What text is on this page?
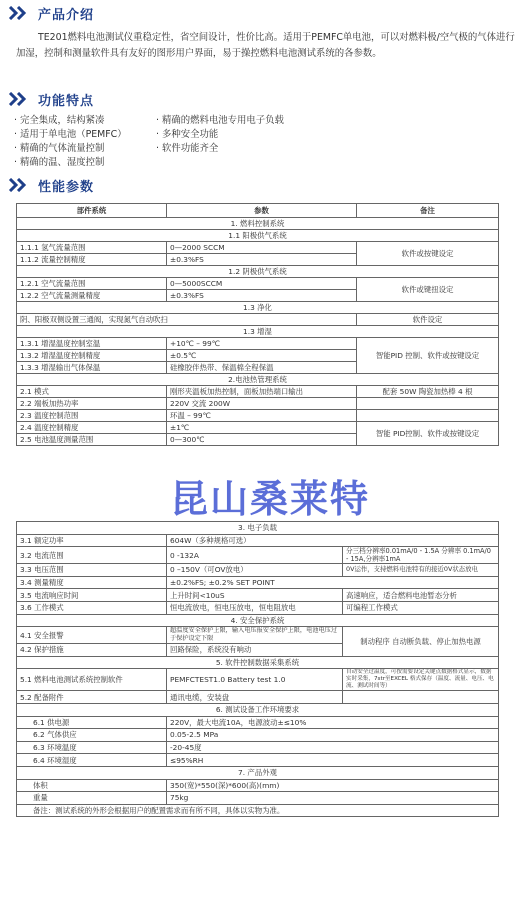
产品介绍
TE201燃料电池测试仪重稳定性，省空间设计，性价比高。适用于PEMFC单电池，可以对燃料极/空气极的气体进行加湿，控制和测量软件具有友好的图形用户界面，易于操控燃料电池测试系统的各参数。
功能特点
· 完全集成，结构紧凑
· 适用于单电池（PEMFC）
· 精确的气体流量控制
· 精确的温、湿度控制
· 精确的燃料电池专用电子负载
· 多种安全功能
· 软件功能齐全
性能参数
部件系统	参数	备注
1. 燃料控制系统		
1.1 阳极供气系统		
1.1.1 氢气流量范围	0—2000 SCCM	软件或按键设定
1.1.2 流量控制精度	±0.3%FS	
1.2 阴极供气系统		
1.2.1 空气流量范围	0—5000SCCM	软件或键扭设定
1.2.2 空气流量测量精度	±0.3%FS	
1.3 净化		
阴、阳极双侧设置三通阀，实现氮气自动吹扫		软件设定
1.3 增湿		
1.3.1 增湿温度控制室温	+10℃ – 99℃	智能PID 控制、软件或按键设定
1.3.2 增湿温度控制精度	±0.5℃	
1.3.3 增湿输出气体保温	硅橡胶伴热带、保温棉全程保温	
2.电池热管理系统		
2.1 模式	刚形夹温板加热控制，面板加热端口输出	配套 50W 陶瓷加热棒 4 根
2.2 端板加热功率	220V 交流 200W	
2.3 温度控制范围	环温 – 99℃	
2.4 温度控制精度	±1℃	智能 PID控制、软件或按键设定
2.5 电池温度测量范围	0—300℃	
昆山桑莱特
3. 电子负载		
3.1 额定功率	604W（多种规格可选）	
3.2 电流范围	0 -132A	分三档分辨率0.01mA/0 - 1.5A 分辨率 0.1mA/0 - 15A,分辨率1mA
3.3 电压范围	0 –150V（可OV放电）	0V运作，支持燃料电池特有的接近0V状态放电
3.4 测量精度	±0.2%FS; ±0.2% SET POINT	
3.5 电流响应时间	上升时间<10uS	高速响应，适合燃料电池暂态分析
3.6 工作模式	恒电流放电，恒电压放电，恒电阻放电	可编程工作模式
4. 安全保护系统		
4.1 安全报警	超温度安全保护上限，输入电压报安全保护上限，电池电压过于保护设定下限	制动程序 自动断负载、停止加热电源
4.2 保护措施	回路保险，系统没有响动	
5. 软件控制数据采集系统		
5.1 燃料电池测试系统控制软件	PEMFCTEST1.0 Battery test 1.0	自动安全过温度，可按需要设定关键点数据格式显示，数据实时采集，7str至EXCEL 格式保存（温度、流量、电压、电流、测试时间等）
5.2 配备附件	通讯电缆，安装盘	
6. 测试设备工作环境要求		
6.1 供电源	220V，最大电流10A，电源波动±≤10%	
6.2 气体供应	0.05-2.5 MPa	
6.3 环境温度	-20-45度	
6.4 环境湿度	≤95%RH	
7. 产品外观		
体积	350(宽)*550(深)*600(高)(mm)	
重量	75kg	
备注：测试系统的外形会根据用户的配置需求而有所不同，具体以实物为准。		
